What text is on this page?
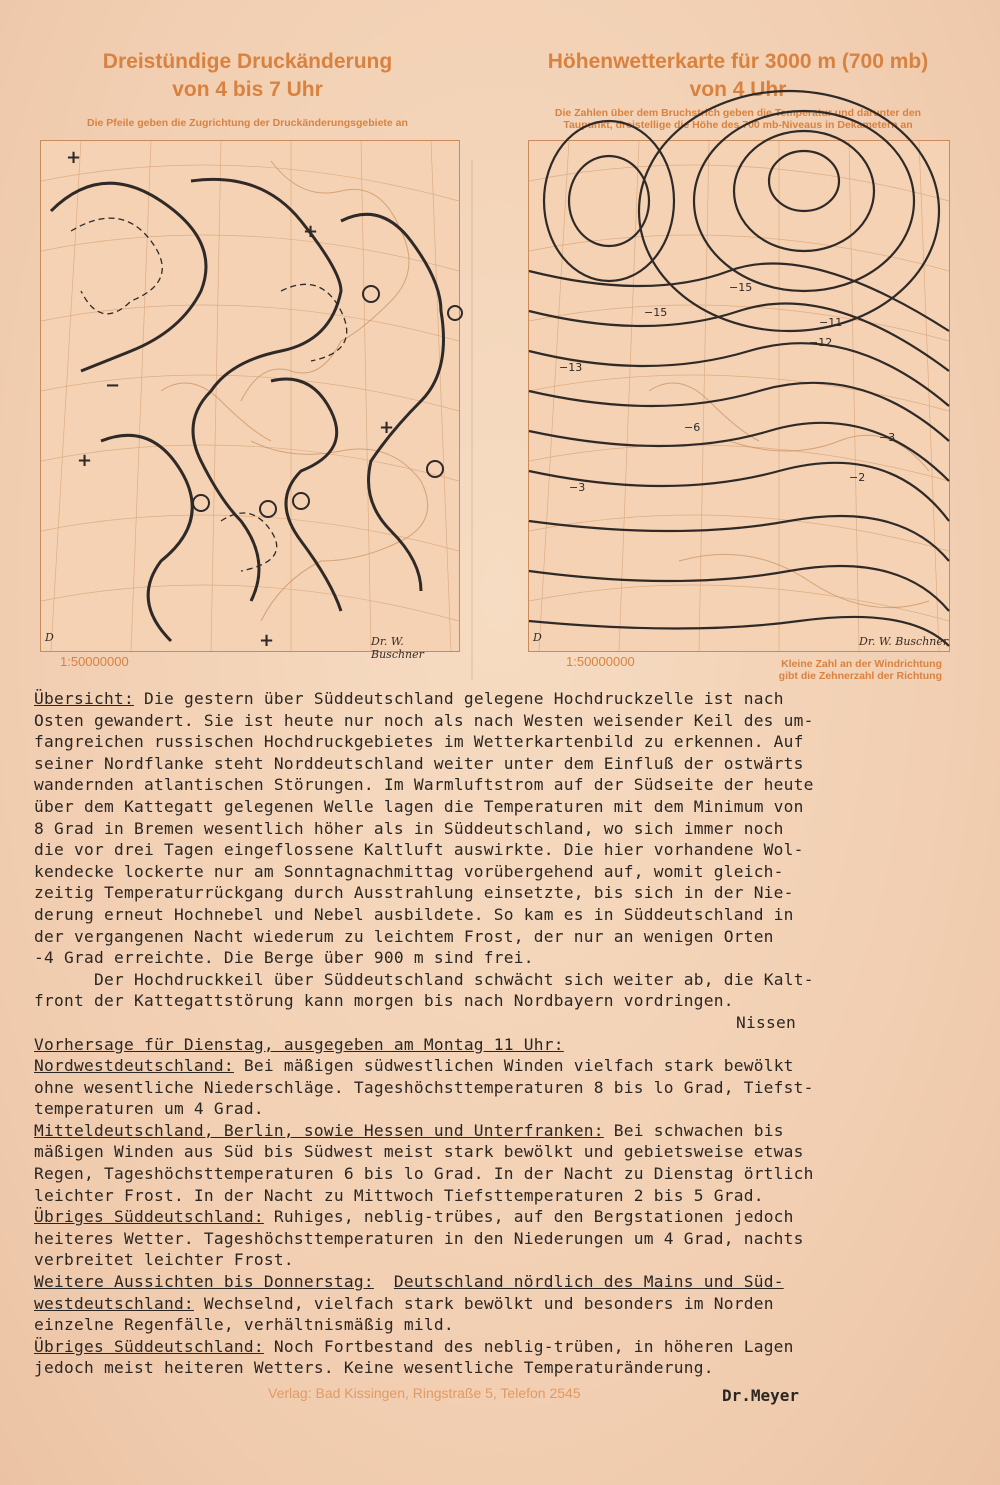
Dreistündige Druckänderung
von 4 bis 7 Uhr
Die Pfeile geben die Zugrichtung der Druckänderungsgebiete an
Höhenwetterkarte für 3000 m (700 mb)
von 4 Uhr
Die Zahlen über dem Bruchstrich geben die Temperatur und darunter den
Taupunkt, dreistellige die Höhe des 700 mb-Niveaus in Dekametern an
+
−
+
+
+
+
D	Dr. W. Buschner
1:50000000
−13
−15
−15
−11
−3
−2
−3
−12
−6
D	Dr. W. Buschner
1:50000000	Kleine Zahl an der Windrichtung
gibt die Zehnerzahl der Richtung
Übersicht: Die gestern über Süddeutschland gelegene Hochdruckzelle ist nach
Osten gewandert. Sie ist heute nur noch als nach Westen weisender Keil des um-
fangreichen russischen Hochdruckgebietes im Wetterkartenbild zu erkennen. Auf
seiner Nordflanke steht Norddeutschland weiter unter dem Einfluß der ostwärts
wandernden atlantischen Störungen. Im Warmluftstrom auf der Südseite der heute
über dem Kattegatt gelegenen Welle lagen die Temperaturen mit dem Minimum von
8 Grad in Bremen wesentlich höher als in Süddeutschland, wo sich immer noch
die vor drei Tagen eingeflossene Kaltluft auswirkte. Die hier vorhandene Wol-
kendecke lockerte nur am Sonntagnachmittag vorübergehend auf, womit gleich-
zeitig Temperaturrückgang durch Ausstrahlung einsetzte, bis sich in der Nie-
derung erneut Hochnebel und Nebel ausbildete. So kam es in Süddeutschland in
der vergangenen Nacht wiederum zu leichtem Frost, der nur an wenigen Orten
-4 Grad erreichte. Die Berge über 900 m sind frei.
Der Hochdruckkeil über Süddeutschland schwächt sich weiter ab, die Kalt-
front der Kattegattstörung kann morgen bis nach Nordbayern vordringen.

Nissen
Vorhersage für Dienstag, ausgegeben am Montag 11 Uhr:
Nordwestdeutschland: Bei mäßigen südwestlichen Winden vielfach stark bewölkt
ohne wesentliche Niederschläge. Tageshöchsttemperaturen 8 bis lo Grad, Tiefst-
temperaturen um 4 Grad.
Mitteldeutschland, Berlin, sowie Hessen und Unterfranken: Bei schwachen bis
mäßigen Winden aus Süd bis Südwest meist stark bewölkt und gebietsweise etwas
Regen, Tageshöchsttemperaturen 6 bis lo Grad. In der Nacht zu Dienstag örtlich
leichter Frost. In der Nacht zu Mittwoch Tiefsttemperaturen 2 bis 5 Grad.
Übriges Süddeutschland: Ruhiges, neblig-trübes, auf den Bergstationen jedoch
heiteres Wetter. Tageshöchsttemperaturen in den Niederungen um 4 Grad, nachts
verbreitet leichter Frost.
Weitere Aussichten bis Donnerstag: Deutschland nördlich des Mains und Süd-
westdeutschland: Wechselnd, vielfach stark bewölkt und besonders im Norden
einzelne Regenfälle, verhältnismäßig mild.
Übriges Süddeutschland: Noch Fortbestand des neblig-trüben, in höheren Lagen
jedoch meist heiteren Wetters. Keine wesentliche Temperaturänderung.
Verlag: Bad Kissingen, Ringstraße 5, Telefon 2545	Dr.Meyer
